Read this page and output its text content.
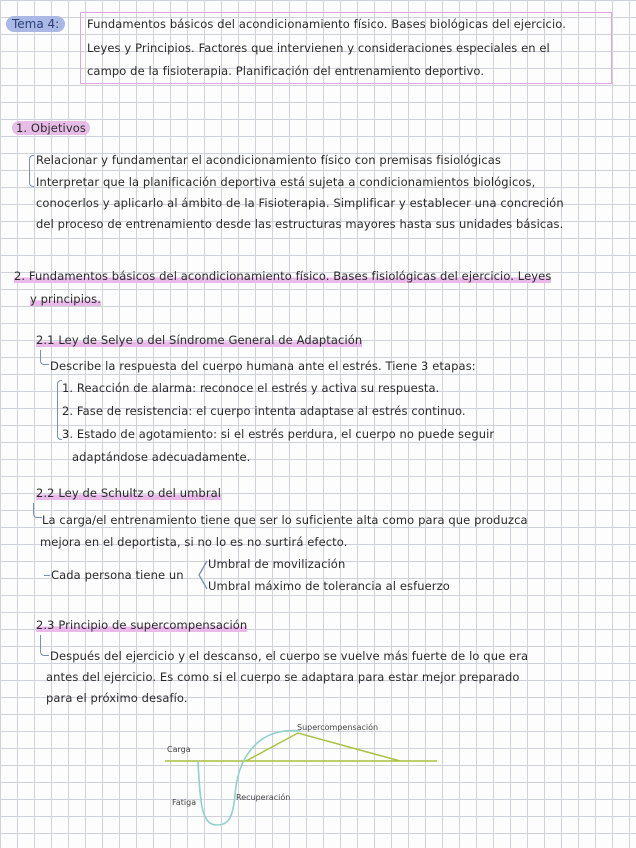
Tema 4:	Fundamentos básicos del acondicionamiento físico. Bases biológicas del ejercicio.
Leyes y Principios. Factores que intervienen y consideraciones especiales en el
campo de la fisioterapia. Planificación del entrenamiento deportivo.
1. Objetivos
Relacionar y fundamentar el acondicionamiento físico con premisas fisiológicas
Interpretar que la planificación deportiva está sujeta a condicionamientos biológicos,
conocerlos y aplicarlo al ámbito de la Fisioterapia. Simplificar y establecer una concreción
del proceso de entrenamiento desde las estructuras mayores hasta sus unidades básicas.
2. Fundamentos básicos del acondicionamiento físico. Bases fisiológicas del ejercicio. Leyes
y principios.
2.1 Ley de Selye o del Síndrome General de Adaptación
Describe la respuesta del cuerpo humana ante el estrés. Tiene 3 etapas:
1. Reacción de alarma: reconoce el estrés y activa su respuesta.
2. Fase de resistencia: el cuerpo intenta adaptase al estrés continuo.
3. Estado de agotamiento: si el estrés perdura, el cuerpo no puede seguir
adaptándose adecuadamente.
2.2 Ley de Schultz o del umbral
La carga/el entrenamiento tiene que ser lo suficiente alta como para que produzca
mejora en el deportista, si no lo es no surtirá efecto.
Cada persona tiene un
Umbral de movilización
Umbral máximo de tolerancia al esfuerzo
2.3 Principio de supercompensación
Después del ejercicio y el descanso, el cuerpo se vuelve más fuerte de lo que era
antes del ejercicio. Es como si el cuerpo se adaptara para estar mejor preparado
para el próximo desafío.
Supercompensación
Carga
Fatiga
Recuperación
